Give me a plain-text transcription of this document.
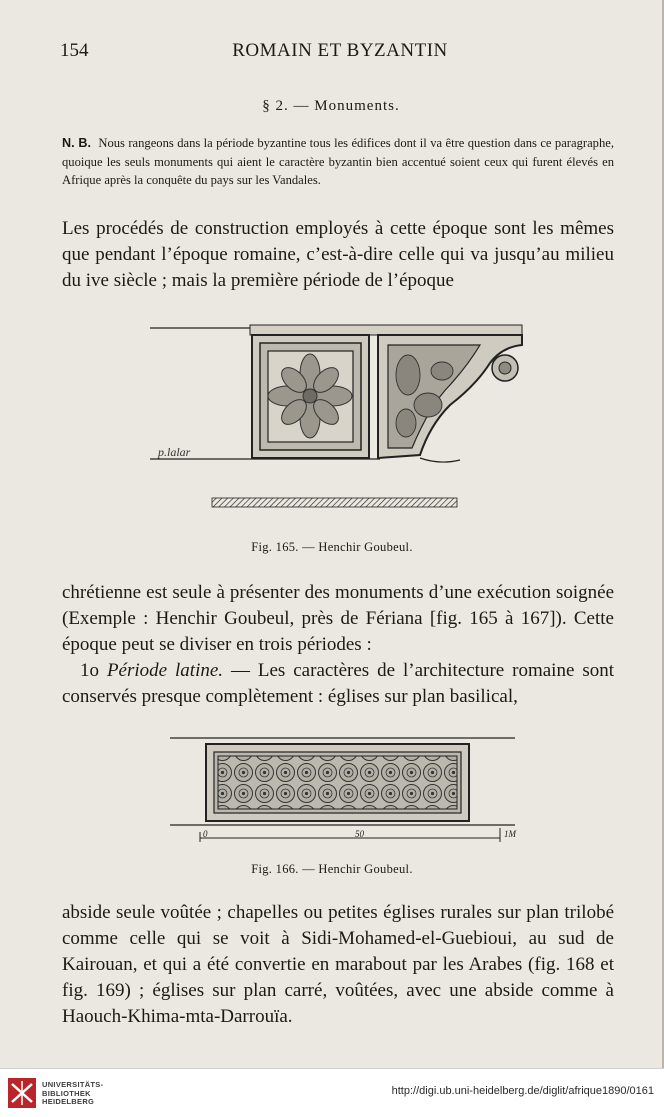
154	ROMAIN ET BYZANTIN
§ 2. — Monuments.

N. B. Nous rangeons dans la période byzantine tous les édifices dont il va être question dans ce paragraphe, quoique les seuls monuments qui aient le caractère byzantin bien accentué soient ceux qui furent élevés en Afrique après la conquête du pays sur les Vandales.

Les procédés de construction employés à cette époque sont les mêmes que pendant l’époque romaine, c’est-à-dire celle qui va jusqu’au milieu du ive siècle ; mais la première période de l’époque

p.lalar
Fig. 165. — Henchir Goubeul.
chrétienne est seule à présenter des monuments d’une exécution soignée (Exemple : Henchir Goubeul, près de Fériana [fig. 165 à 167]). Cette époque peut se diviser en trois périodes :
1o Période latine. — Les caractères de l’architecture romaine sont conservés presque complètement : églises sur plan basilical,
0	50	1M
Fig. 166. — Henchir Goubeul.

abside seule voûtée ; chapelles ou petites églises rurales sur plan trilobé comme celle qui se voit à Sidi-Mohamed-el-Guebioui, au sud de Kairouan, et qui a été convertie en marabout par les Arabes (fig. 168 et fig. 169) ; églises sur plan carré, voûtées, avec une abside comme à Haouch-Khima-mta-Darrouïa.

UNIVERSITÄTS-
BIBLIOTHEK
HEIDELBERG
http://digi.ub.uni-heidelberg.de/diglit/afrique1890/0161
